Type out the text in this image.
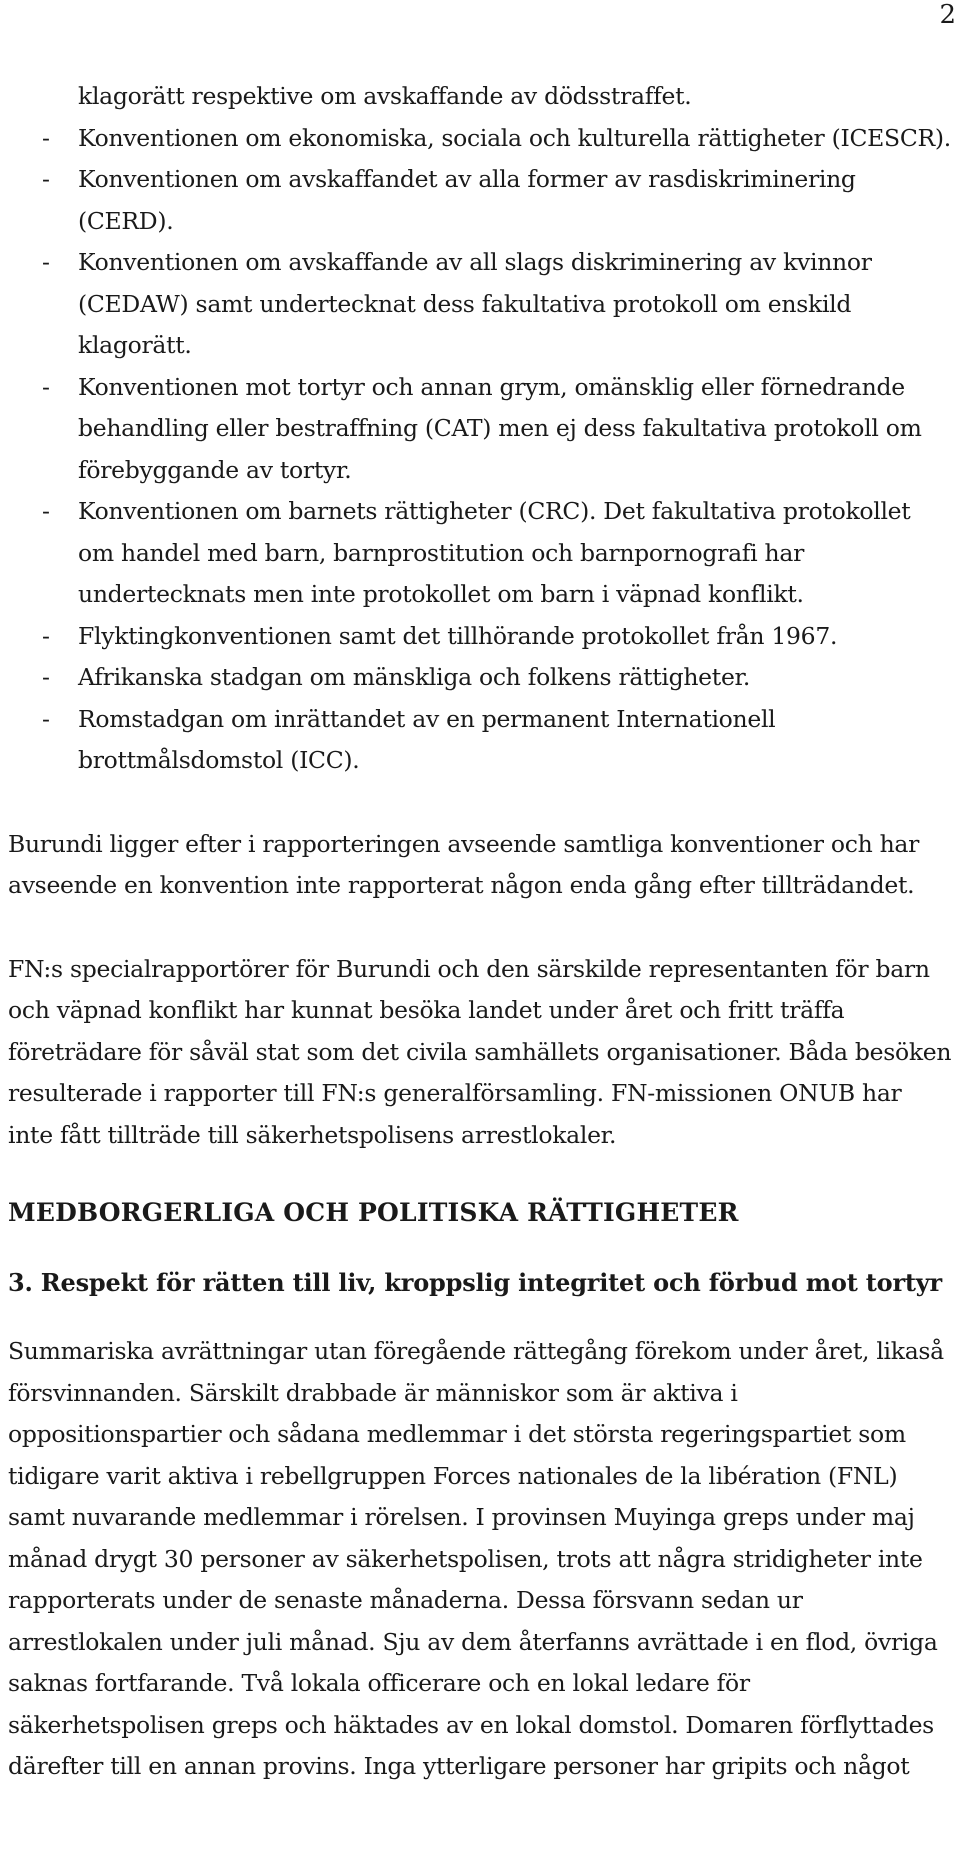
2
klagorätt respektive om avskaffande av dödsstraffet.
- Konventionen om ekonomiska, sociala och kulturella rättigheter (ICESCR).
- Konventionen om avskaffandet av alla former av rasdiskriminering (CERD).
- Konventionen om avskaffande av all slags diskriminering av kvinnor (CEDAW) samt undertecknat dess fakultativa protokoll om enskild klagorätt.
- Konventionen mot tortyr och annan grym, omänsklig eller förnedrande behandling eller bestraffning (CAT) men ej dess fakultativa protokoll om förebyggande av tortyr.
- Konventionen om barnets rättigheter (CRC). Det fakultativa protokollet om handel med barn, barnprostitution och barnpornografi har undertecknats men inte protokollet om barn i väpnad konflikt.
- Flyktingkonventionen samt det tillhörande protokollet från 1967.
- Afrikanska stadgan om mänskliga och folkens rättigheter.
- Romstadgan om inrättandet av en permanent Internationell brottmålsdomstol (ICC).

Burundi ligger efter i rapporteringen avseende samtliga konventioner och har avseende en konvention inte rapporterat någon enda gång efter tillträdandet.

FN:s specialrapportörer för Burundi och den särskilde representanten för barn och väpnad konflikt har kunnat besöka landet under året och fritt träffa företrädare för såväl stat som det civila samhällets organisationer. Båda besöken resulterade i rapporter till FN:s generalförsamling. FN-missionen ONUB har inte fått tillträde till säkerhetspolisens arrestlokaler.

MEDBORGERLIGA OCH POLITISKA RÄTTIGHETER
3. Respekt för rätten till liv, kroppslig integritet och förbud mot tortyr

Summariska avrättningar utan föregående rättegång förekom under året, likaså försvinnanden. Särskilt drabbade är människor som är aktiva i oppositionspartier och sådana medlemmar i det största regeringspartiet som tidigare varit aktiva i rebellgruppen Forces nationales de la libération (FNL) samt nuvarande medlemmar i rörelsen. I provinsen Muyinga greps under maj månad drygt 30 personer av säkerhetspolisen, trots att några stridigheter inte rapporterats under de senaste månaderna. Dessa försvann sedan ur arrestlokalen under juli månad. Sju av dem återfanns avrättade i en flod, övriga saknas fortfarande. Två lokala officerare och en lokal ledare för säkerhetspolisen greps och häktades av en lokal domstol. Domaren förflyttades därefter till en annan provins. Inga ytterligare personer har gripits och något
